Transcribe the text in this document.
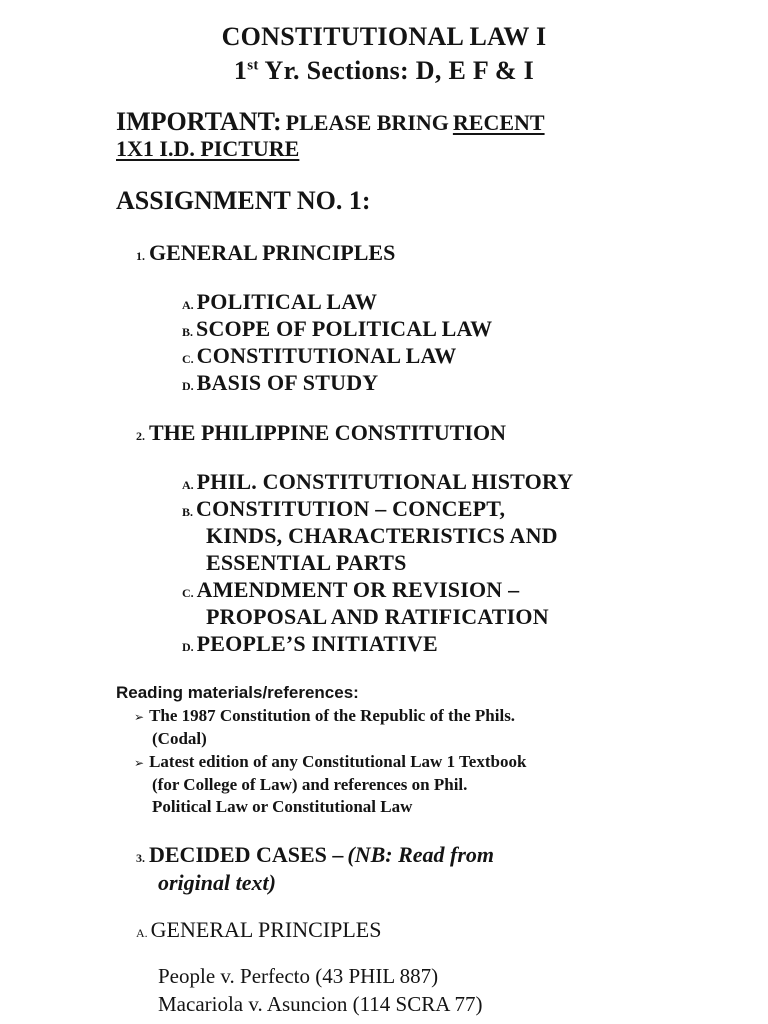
CONSTITUTIONAL LAW I
1st Yr. Sections: D, E F & I
IMPORTANT: PLEASE BRING RECENT
1X1 I.D. PICTURE
ASSIGNMENT NO. 1:
1. GENERAL PRINCIPLES
A. POLITICAL LAW
B. SCOPE OF POLITICAL LAW
C. CONSTITUTIONAL LAW
D. BASIS OF STUDY
2. THE PHILIPPINE CONSTITUTION
A. PHIL. CONSTITUTIONAL HISTORY
B. CONSTITUTION – CONCEPT,
KINDS, CHARACTERISTICS AND
ESSENTIAL PARTS
C. AMENDMENT OR REVISION –
PROPOSAL AND RATIFICATION
D. PEOPLE’S INITIATIVE
Reading materials/references:
➢ The 1987 Constitution of the Republic of the Phils.
(Codal)
➢ Latest edition of any Constitutional Law 1 Textbook
(for College of Law) and references on Phil.
Political Law or Constitutional Law
3. DECIDED CASES – (NB: Read from
original text)
A. GENERAL PRINCIPLES
People v. Perfecto (43 PHIL 887)
Macariola v. Asuncion (114 SCRA 77)
